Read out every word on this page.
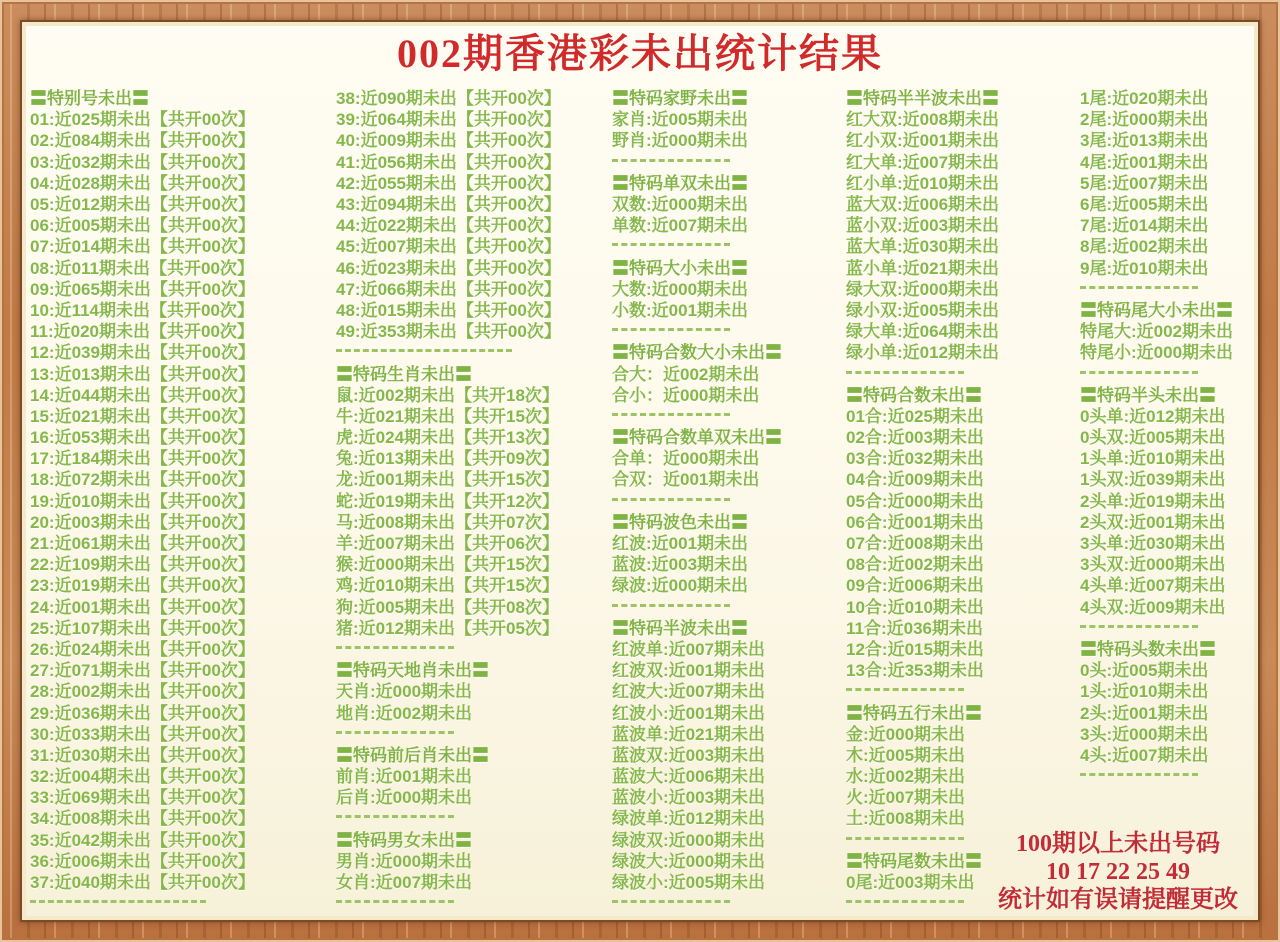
002期香港彩未出统计结果
〓特别号未出〓
01:近025期未出【共开00次】
02:近084期未出【共开00次】
03:近032期未出【共开00次】
04:近028期未出【共开00次】
05:近012期未出【共开00次】
06:近005期未出【共开00次】
07:近014期未出【共开00次】
08:近011期未出【共开00次】
09:近065期未出【共开00次】
10:近114期未出【共开00次】
11:近020期未出【共开00次】
12:近039期未出【共开00次】
13:近013期未出【共开00次】
14:近044期未出【共开00次】
15:近021期未出【共开00次】
16:近053期未出【共开00次】
17:近184期未出【共开00次】
18:近072期未出【共开00次】
19:近010期未出【共开00次】
20:近003期未出【共开00次】
21:近061期未出【共开00次】
22:近109期未出【共开00次】
23:近019期未出【共开00次】
24:近001期未出【共开00次】
25:近107期未出【共开00次】
26:近024期未出【共开00次】
27:近071期未出【共开00次】
28:近002期未出【共开00次】
29:近036期未出【共开00次】
30:近033期未出【共开00次】
31:近030期未出【共开00次】
32:近004期未出【共开00次】
33:近069期未出【共开00次】
34:近008期未出【共开00次】
35:近042期未出【共开00次】
36:近006期未出【共开00次】
37:近040期未出【共开00次】
38:近090期未出【共开00次】
39:近064期未出【共开00次】
40:近009期未出【共开00次】
41:近056期未出【共开00次】
42:近055期未出【共开00次】
43:近094期未出【共开00次】
44:近022期未出【共开00次】
45:近007期未出【共开00次】
46:近023期未出【共开00次】
47:近066期未出【共开00次】
48:近015期未出【共开00次】
49:近353期未出【共开00次】
〓特码生肖未出〓
鼠:近002期未出【共开18次】
牛:近021期未出【共开15次】
虎:近024期未出【共开13次】
兔:近013期未出【共开09次】
龙:近001期未出【共开15次】
蛇:近019期未出【共开12次】
马:近008期未出【共开07次】
羊:近007期未出【共开06次】
猴:近000期未出【共开15次】
鸡:近010期未出【共开15次】
狗:近005期未出【共开08次】
猪:近012期未出【共开05次】
〓特码天地肖未出〓
天肖:近000期未出
地肖:近002期未出
〓特码前后肖未出〓
前肖:近001期未出
后肖:近000期未出
〓特码男女未出〓
男肖:近000期未出
女肖:近007期未出
〓特码家野未出〓
家肖:近005期未出
野肖:近000期未出
〓特码单双未出〓
双数:近000期未出
单数:近007期未出
〓特码大小未出〓
大数:近000期未出
小数:近001期未出
〓特码合数大小未出〓
合大：近002期未出
合小：近000期未出
〓特码合数单双未出〓
合单：近000期未出
合双：近001期未出
〓特码波色未出〓
红波:近001期未出
蓝波:近003期未出
绿波:近000期未出
〓特码半波未出〓
红波单:近007期未出
红波双:近001期未出
红波大:近007期未出
红波小:近001期未出
蓝波单:近021期未出
蓝波双:近003期未出
蓝波大:近006期未出
蓝波小:近003期未出
绿波单:近012期未出
绿波双:近000期未出
绿波大:近000期未出
绿波小:近005期未出
〓特码半半波未出〓
红大双:近008期未出
红小双:近001期未出
红大单:近007期未出
红小单:近010期未出
蓝大双:近006期未出
蓝小双:近003期未出
蓝大单:近030期未出
蓝小单:近021期未出
绿大双:近000期未出
绿小双:近005期未出
绿大单:近064期未出
绿小单:近012期未出
〓特码合数未出〓
01合:近025期未出
02合:近003期未出
03合:近032期未出
04合:近009期未出
05合:近000期未出
06合:近001期未出
07合:近008期未出
08合:近002期未出
09合:近006期未出
10合:近010期未出
11合:近036期未出
12合:近015期未出
13合:近353期未出
〓特码五行未出〓
金:近000期未出
木:近005期未出
水:近002期未出
火:近007期未出
土:近008期未出
〓特码尾数未出〓
0尾:近003期未出
1尾:近020期未出
2尾:近000期未出
3尾:近013期未出
4尾:近001期未出
5尾:近007期未出
6尾:近005期未出
7尾:近014期未出
8尾:近002期未出
9尾:近010期未出
〓特码尾大小未出〓
特尾大:近002期未出
特尾小:近000期未出
〓特码半头未出〓
0头单:近012期未出
0头双:近005期未出
1头单:近010期未出
1头双:近039期未出
2头单:近019期未出
2头双:近001期未出
3头单:近030期未出
3头双:近000期未出
4头单:近007期未出
4头双:近009期未出
〓特码头数未出〓
0头:近005期未出
1头:近010期未出
2头:近001期未出
3头:近000期未出
4头:近007期未出
100期以上未出号码
10 17 22 25 49
统计如有误请提醒更改
